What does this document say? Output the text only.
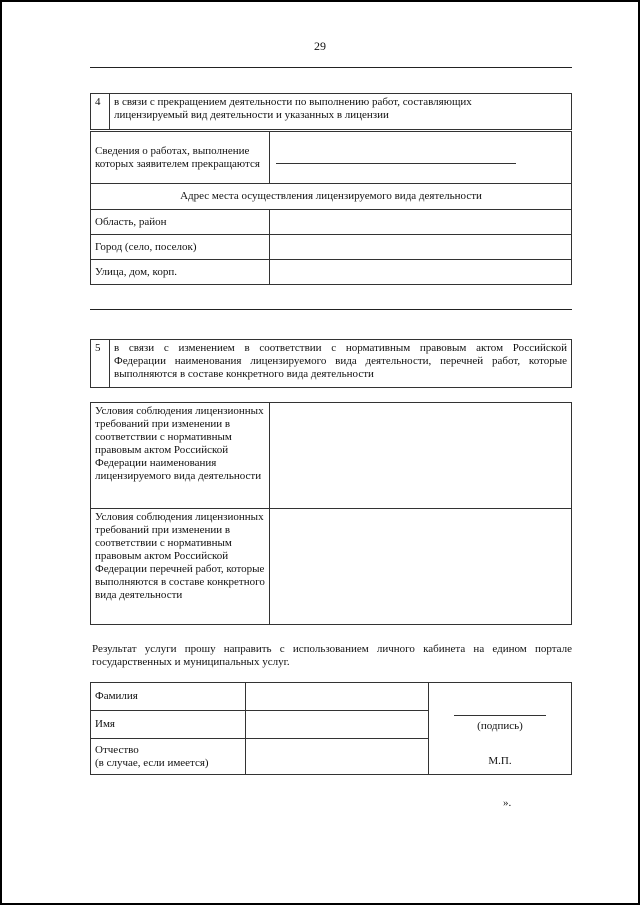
29
4	в связи с прекращением деятельности по выполнению работ, составляющих
лицензируемый вид деятельности и указанных в лицензии
Сведения о работах, выполнение которых заявителем прекращаются	

Адрес места осуществления лицензируемого вида деятельности	
Область, район	
Город (село, поселок)	
Улица, дом, корп.	
5	в связи с изменением в соответствии с нормативным правовым актом Российской
Федерации наименования лицензируемого вида деятельности, перечней работ, которые
выполняются в составе конкретного вида деятельности
Условия соблюдения лицензионных требований при изменении в соответствии с нормативным правовым актом Российской Федерации наименования лицензируемого вида деятельности	
Условия соблюдения лицензионных требований при изменении в соответствии с нормативным правовым актом Российской Федерации перечней работ, которые выполняются в составе конкретного вида деятельности	
Результат услуги прошу направить с использованием личного кабинета на едином портале
государственных и муниципальных услуг.
Фамилия		(подпись)
М.П.

Имя		

Отчество
(в случае, если имеется)		

».
